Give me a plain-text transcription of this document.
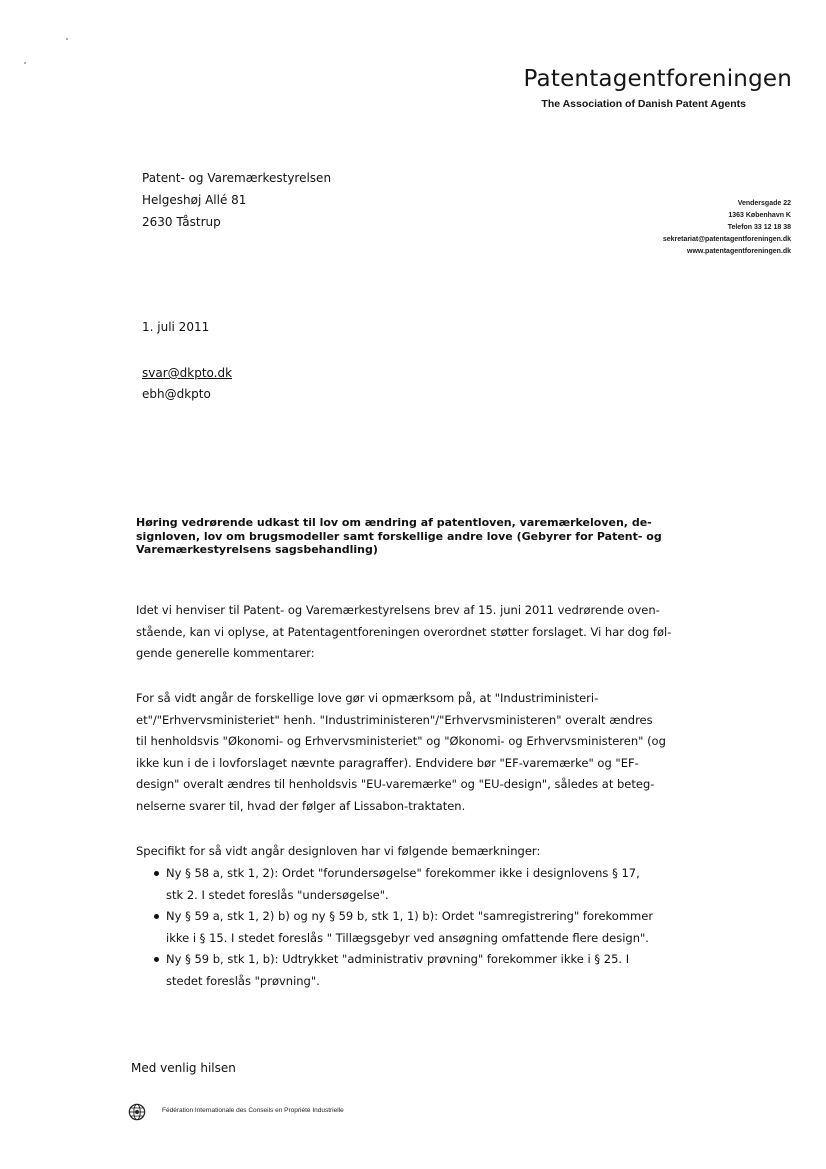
Patentagentforeningen
The Association of Danish Patent Agents
Patent- og Varemærkestyrelsen
Helgeshøj Allé 81
2630 Tåstrup
Vendersgade 22
1363 København K
Telefon 33 12 18 38
sekretariat@patentagentforeningen.dk
www.patentagentforeningen.dk
1. juli 2011
svar@dkpto.dk
ebh@dkpto
Høring vedrørende udkast til lov om ændring af patentloven, varemærkeloven, de-
signloven, lov om brugsmodeller samt forskellige andre love (Gebyrer for Patent- og
Varemærkestyrelsens sagsbehandling)

Idet vi henviser til Patent- og Varemærkestyrelsens brev af 15. juni 2011 vedrørende oven-
stående, kan vi oplyse, at Patentagentforeningen overordnet støtter forslaget. Vi har dog føl-
gende generelle kommentarer:

For så vidt angår de forskellige love gør vi opmærksom på, at "Industriministeri-
et"/"Erhvervsministeriet" henh. "Industriministeren"/"Erhvervsministeren" overalt ændres
til henholdsvis "Økonomi- og Erhvervsministeriet" og "Økonomi- og Erhvervsministeren" (og
ikke kun i de i lovforslaget nævnte paragraffer). Endvidere bør "EF-varemærke" og "EF-
design" overalt ændres til henholdsvis "EU-varemærke" og "EU-design", således at beteg-
nelserne svarer til, hvad der følger af Lissabon-traktaten.

Specifikt for så vidt angår designloven har vi følgende bemærkninger:

Ny § 58 a, stk 1, 2): Ordet "forundersøgelse" forekommer ikke i designlovens § 17,
stk 2. I stedet foreslås "undersøgelse".
Ny § 59 a, stk 1, 2) b) og ny § 59 b, stk 1, 1) b): Ordet "samregistrering" forekommer
ikke i § 15. I stedet foreslås " Tillægsgebyr ved ansøgning omfattende flere design".
Ny § 59 b, stk 1, b): Udtrykket "administrativ prøvning" forekommer ikke i § 25. I
stedet foreslås "prøvning".
Med venlig hilsen
Fédération Internationale des Conseils en Propriété Industrielle
